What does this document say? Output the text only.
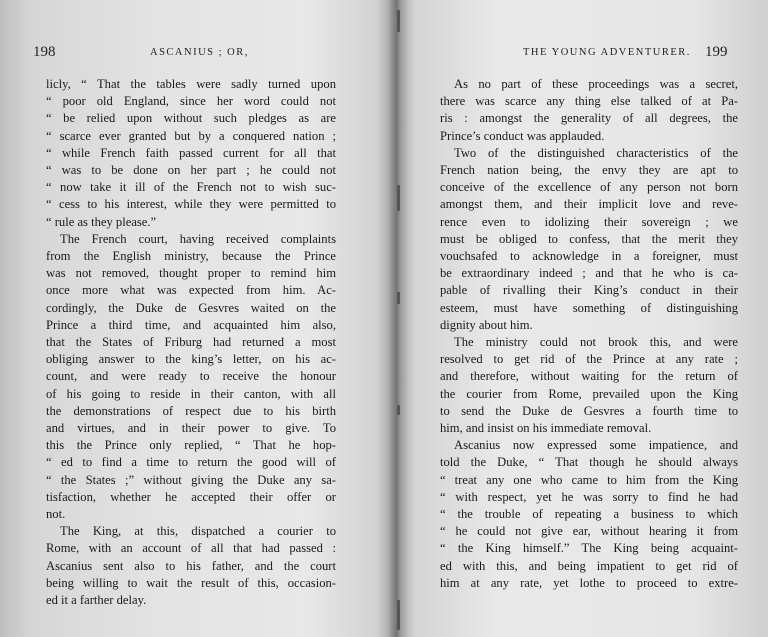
198	ASCANIUS ; OR,
licly, “ That the tables were sadly turned upon
“ poor old England, since her word could not
“ be relied upon without such pledges as are
“ scarce ever granted but by a conquered nation ;
“ while French faith passed current for all that
“ was to be done on her part ; he could not
“ now take it ill of the French not to wish suc-
“ cess to his interest, while they were permitted to
“ rule as they please.”
The French court, having received complaints
from the English ministry, because the Prince
was not removed, thought proper to remind him
once more what was expected from him. Ac-
cordingly, the Duke de Gesvres waited on the
Prince a third time, and acquainted him also,
that the States of Friburg had returned a most
obliging answer to the king’s letter, on his ac-
count, and were ready to receive the honour
of his going to reside in their canton, with all
the demonstrations of respect due to his birth
and virtues, and in their power to give. To
this the Prince only replied, “ That he hop-
“ ed to find a time to return the good will of
“ the States ;” without giving the Duke any sa-
tisfaction, whether he accepted their offer or
not.
The King, at this, dispatched a courier to
Rome, with an account of all that had passed :
Ascanius sent also to his father, and the court
being willing to wait the result of this, occasion-
ed it a farther delay.
THE YOUNG ADVENTURER. 199
As no part of these proceedings was a secret,
there was scarce any thing else talked of at Pa-
ris : amongst the generality of all degrees, the
Prince’s conduct was applauded.
Two of the distinguished characteristics of the
French nation being, the envy they are apt to
conceive of the excellence of any person not born
amongst them, and their implicit love and reve-
rence even to idolizing their sovereign ; we
must be obliged to confess, that the merit they
vouchsafed to acknowledge in a foreigner, must
be extraordinary indeed ; and that he who is ca-
pable of rivalling their King’s conduct in their
esteem, must have something of distinguishing
dignity about him.
The ministry could not brook this, and were
resolved to get rid of the Prince at any rate ;
and therefore, without waiting for the return of
the courier from Rome, prevailed upon the King
to send the Duke de Gesvres a fourth time to
him, and insist on his immediate removal.
Ascanius now expressed some impatience, and
told the Duke, “ That though he should always
“ treat any one who came to him from the King
“ with respect, yet he was sorry to find he had
“ the trouble of repeating a business to which
“ he could not give ear, without hearing it from
“ the King himself.” The King being acquaint-
ed with this, and being impatient to get rid of
him at any rate, yet lothe to proceed to extre-
